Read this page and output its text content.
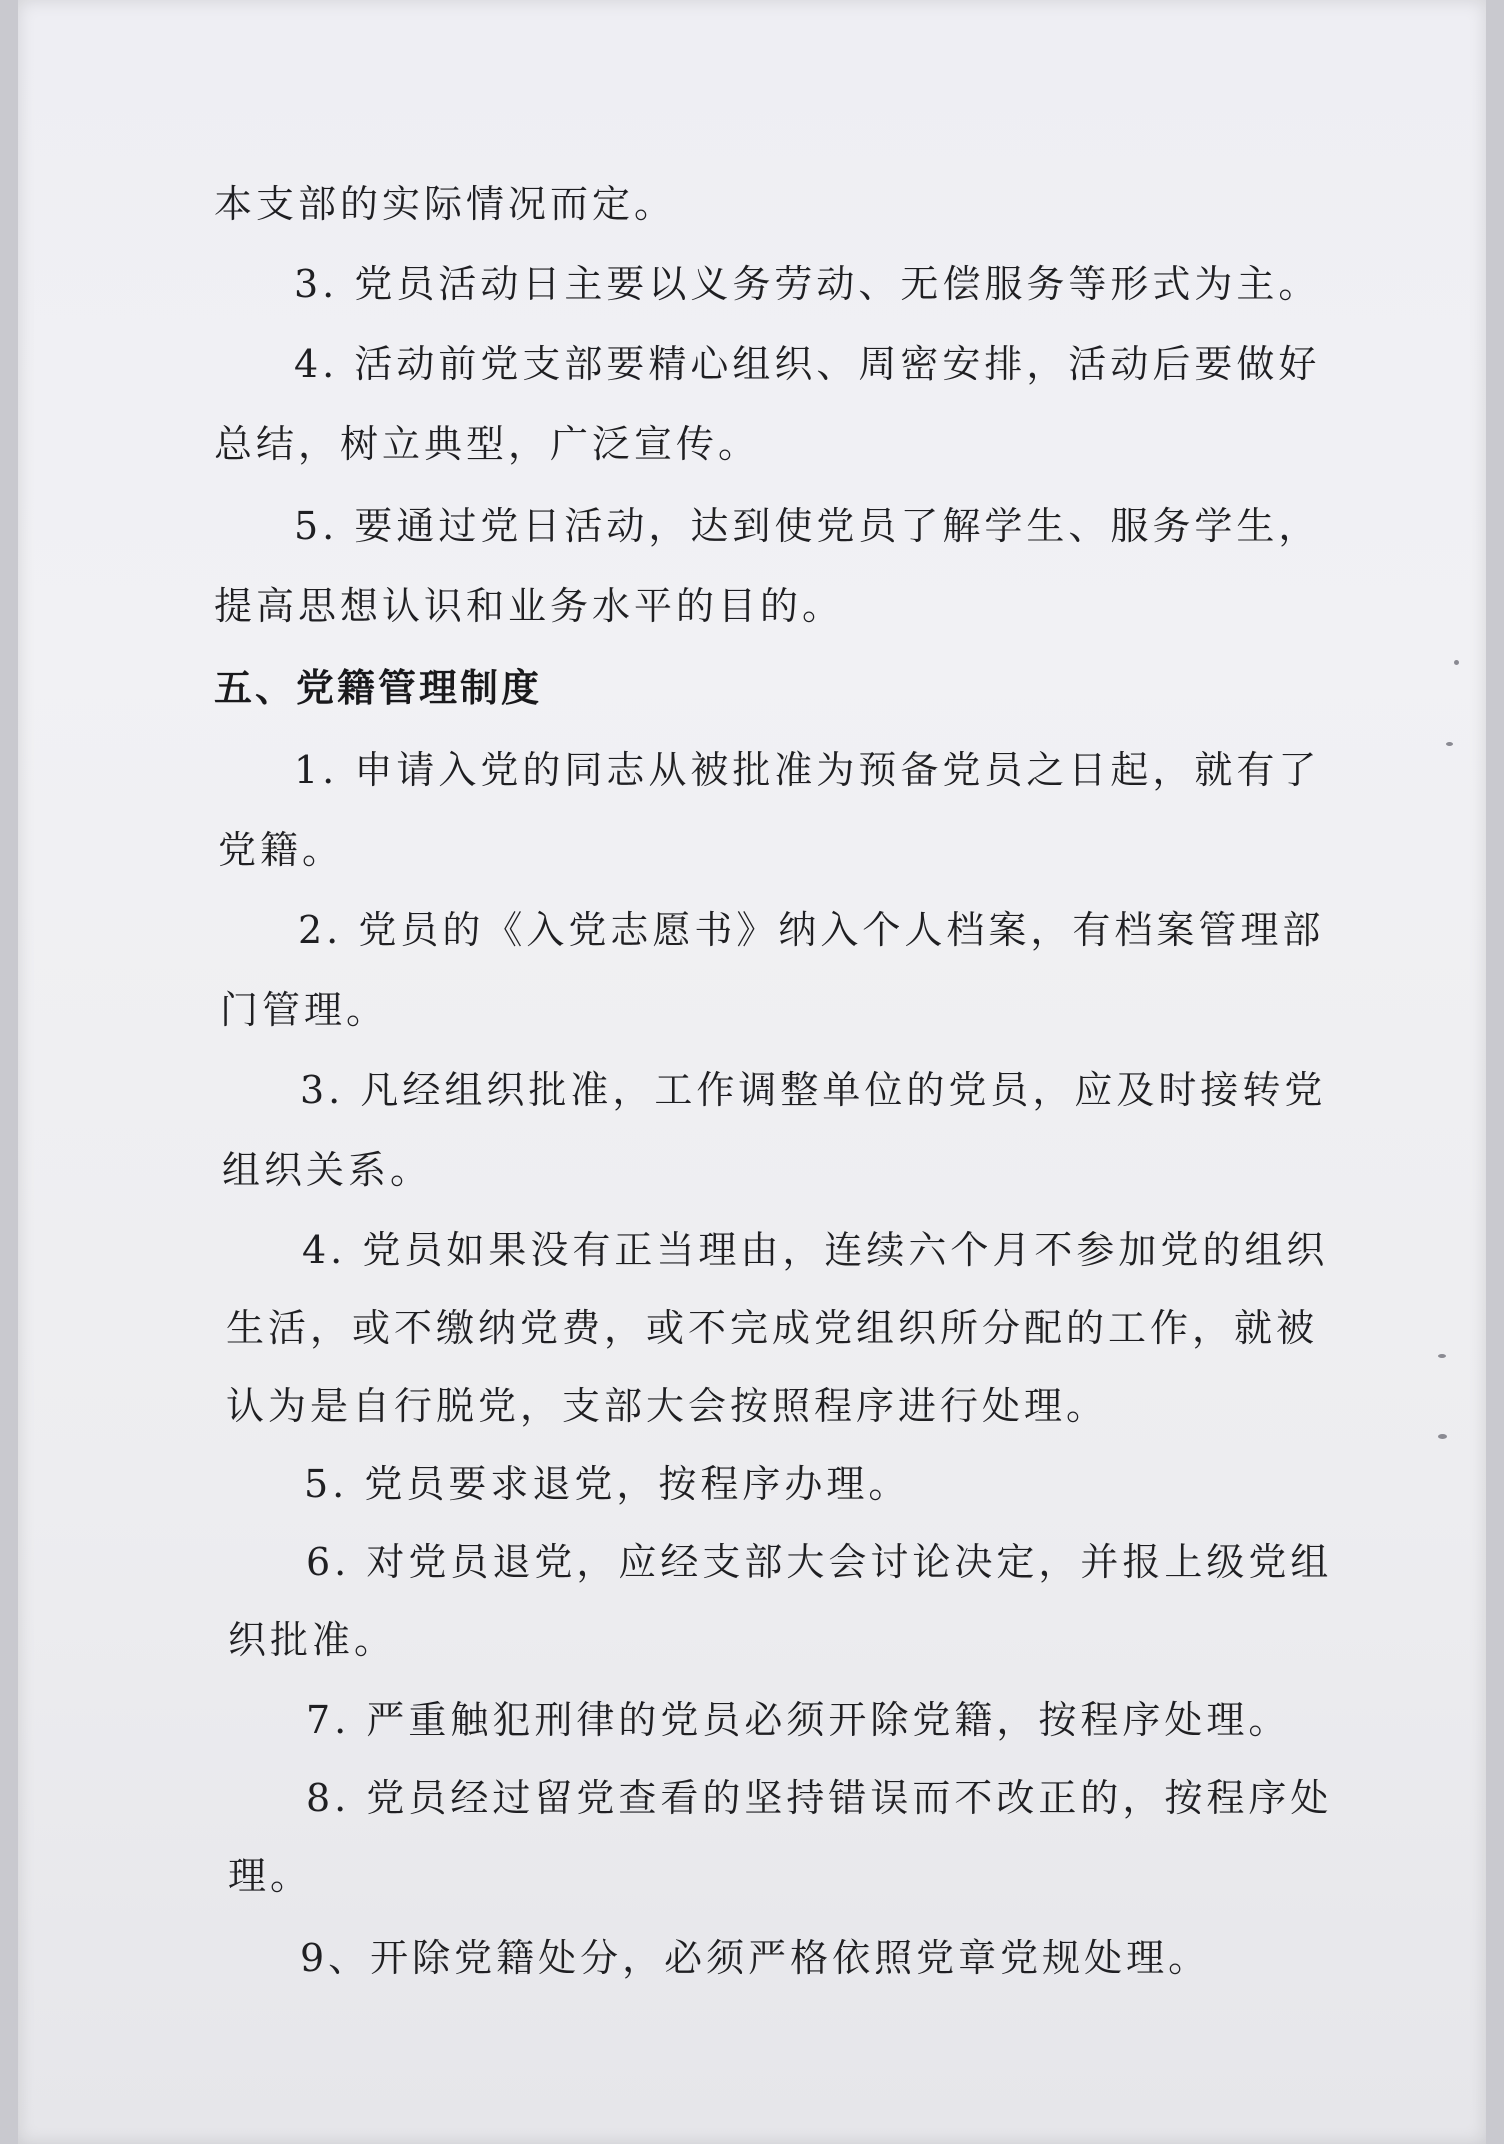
本支部的实际情况而定。
3. 党员活动日主要以义务劳动、无偿服务等形式为主。
4. 活动前党支部要精心组织、周密安排，活动后要做好
总结，树立典型，广泛宣传。
5. 要通过党日活动，达到使党员了解学生、服务学生，
提高思想认识和业务水平的目的。
五、党籍管理制度
1. 申请入党的同志从被批准为预备党员之日起，就有了
党籍。
2. 党员的《入党志愿书》纳入个人档案，有档案管理部
门管理。
3. 凡经组织批准，工作调整单位的党员，应及时接转党
组织关系。
4. 党员如果没有正当理由，连续六个月不参加党的组织
生活，或不缴纳党费，或不完成党组织所分配的工作，就被
认为是自行脱党，支部大会按照程序进行处理。
5. 党员要求退党，按程序办理。
6. 对党员退党，应经支部大会讨论决定，并报上级党组
织批准。
7. 严重触犯刑律的党员必须开除党籍，按程序处理。
8. 党员经过留党查看的坚持错误而不改正的，按程序处
理。
9、开除党籍处分，必须严格依照党章党规处理。
